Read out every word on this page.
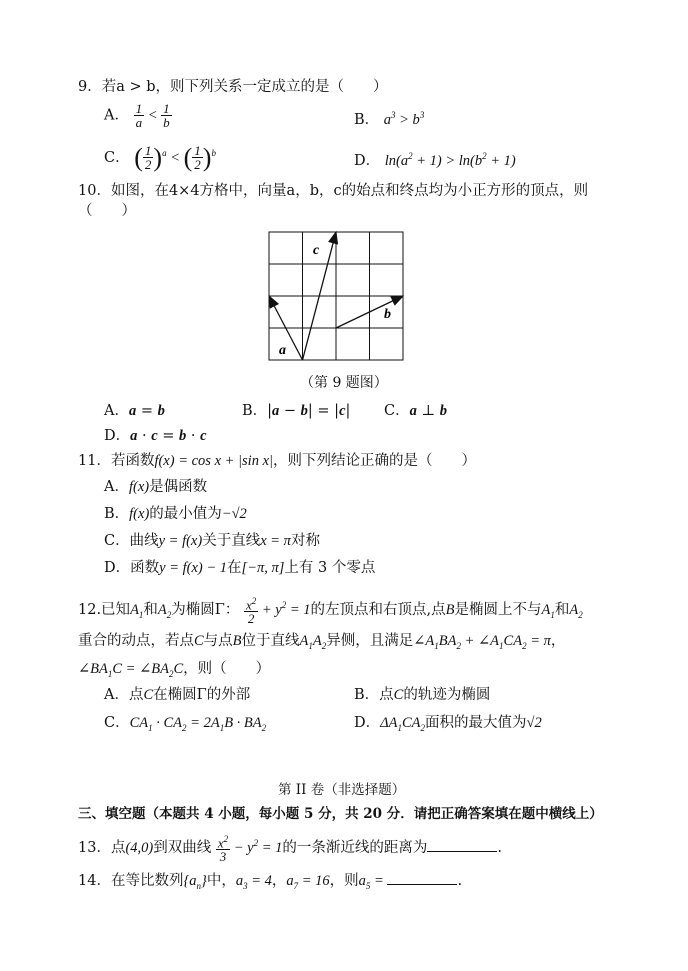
9．若a > b，则下列关系一定成立的是（　　）
A． $\frac{1}{a} < \frac{1}{b}$	B． $a^3 > b^3$
C． ( $\frac{1}{2} )^a$ < ( $\frac{1}{2} )^b$	D． $\ln(a^2 + 1) > \ln(b^2 + 1)$
10．如图，在4×4方格中，向量a，b，c的始点和终点均为小正方形的顶点，则
（　　）
a
b
c
（第 9 题图）
A．a = b	B．|a − b| = |c| C．a ⊥ b
D．a · c = b · c
11．若函数f(x) = cos x + |sin x|，则下列结论正确的是（　　）
A．f(x)是偶函数
B．f(x)的最小值为−√2
C．曲线y = f(x)关于直线x = π对称
D．函数y = f(x) − 1在[−π, π]上有 3 个零点
12.已知$A_1$和$A_2$为椭圆Γ： $\frac{x^2}{2} + y^2 = 1$的左顶点和右顶点,点B是椭圆上不与$A_1$和$A_2$
重合的动点，若点C与点B位于直线$A_1A_2$异侧，且满足$\angle A_1BA_2$ + $\angle A_1CA_2 = \pi$，
$\angle BA_1C$ = $\angle BA_2C$，则（　　）
A．点C在椭圆Γ的外部	B．点C的轨迹为椭圆
C．$CA_1 \cdot CA_2 = 2A_1B \cdot BA_2$	D．$\Delta A_1CA_2$面积的最大值为√2
第 II 卷（非选择题）
三、填空题（本题共 4 小题，每小题 5 分，共 20 分．请把正确答案填在题中横线上）
13．点(4,0)到双曲线 $\frac{x^2}{3} - y^2 = 1$的一条渐近线的距离为	.
14．在等比数列$\{a_n\}$中，$a_3 = 4$，$a_7 = 16$，则$a_5$ =	.
